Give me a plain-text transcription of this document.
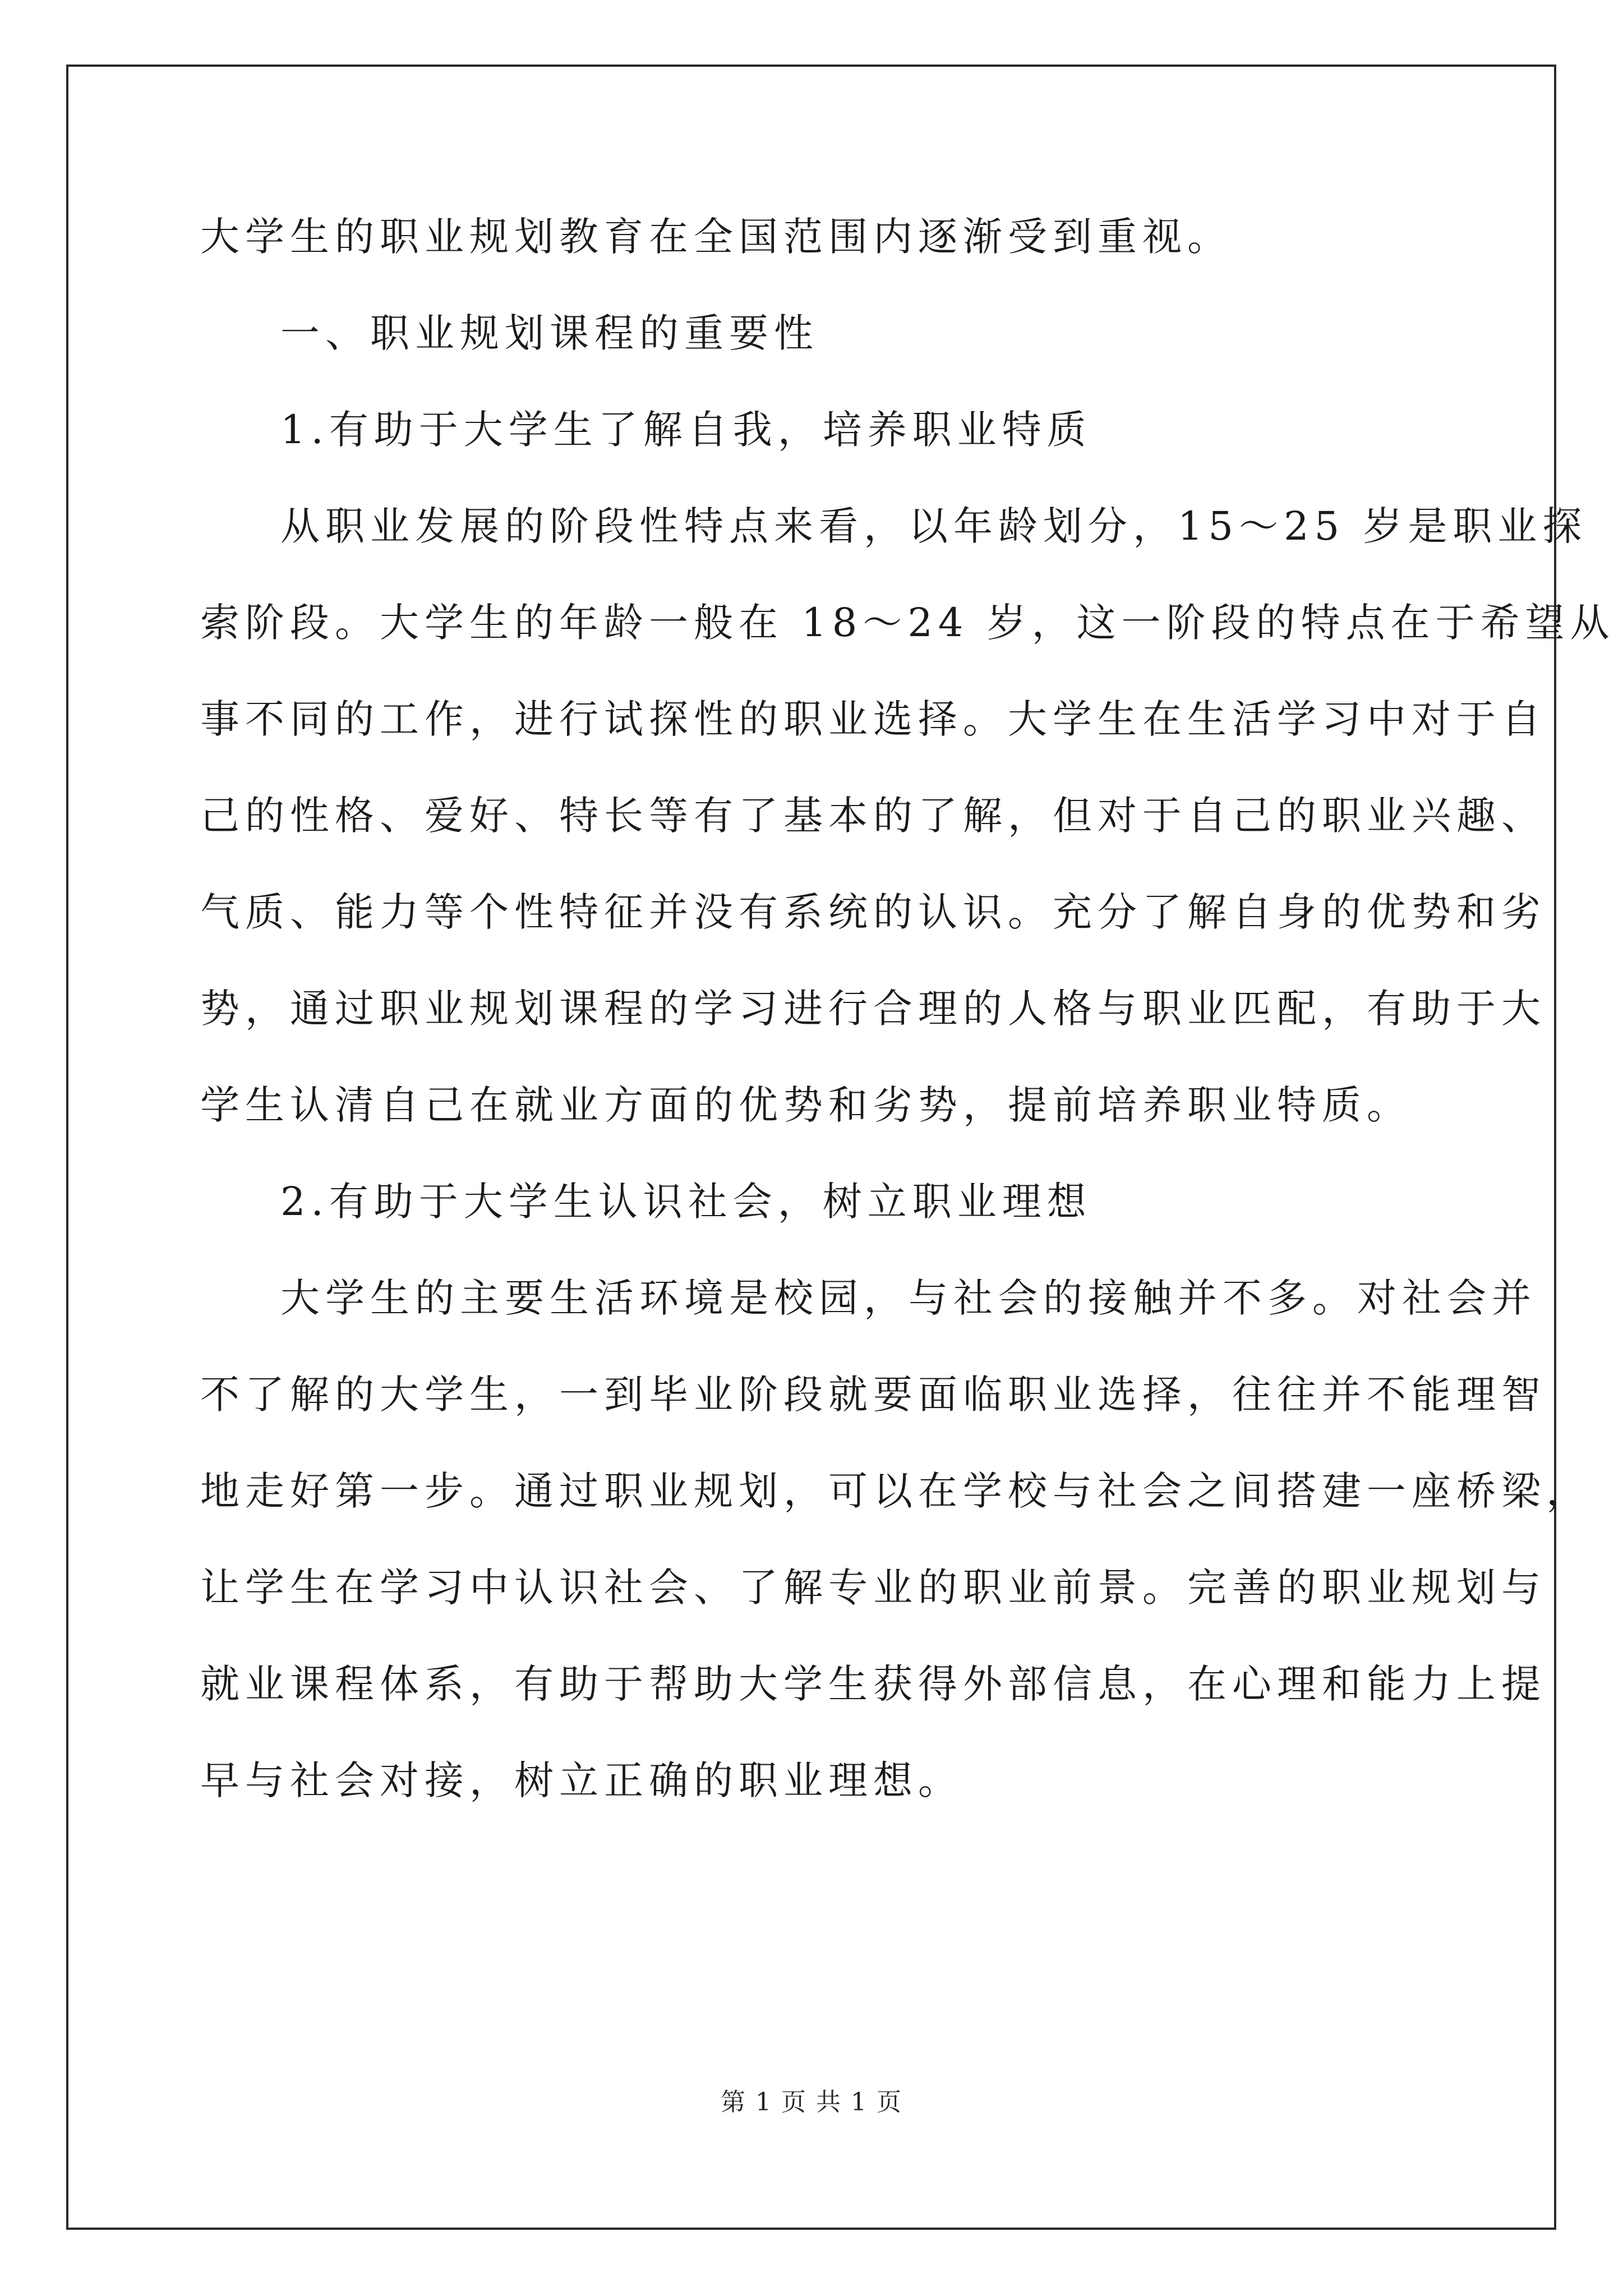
大学生的职业规划教育在全国范围内逐渐受到重视。
一、职业规划课程的重要性
1.有助于大学生了解自我，培养职业特质
从职业发展的阶段性特点来看，以年龄划分，15～25 岁是职业探
索阶段。大学生的年龄一般在 18～24 岁，这一阶段的特点在于希望从
事不同的工作，进行试探性的职业选择。大学生在生活学习中对于自
己的性格、爱好、特长等有了基本的了解，但对于自己的职业兴趣、
气质、能力等个性特征并没有系统的认识。充分了解自身的优势和劣
势，通过职业规划课程的学习进行合理的人格与职业匹配，有助于大
学生认清自己在就业方面的优势和劣势，提前培养职业特质。
2.有助于大学生认识社会，树立职业理想
大学生的主要生活环境是校园，与社会的接触并不多。对社会并
不了解的大学生，一到毕业阶段就要面临职业选择，往往并不能理智
地走好第一步。通过职业规划，可以在学校与社会之间搭建一座桥梁，
让学生在学习中认识社会、了解专业的职业前景。完善的职业规划与
就业课程体系，有助于帮助大学生获得外部信息，在心理和能力上提
早与社会对接，树立正确的职业理想。
第 1 页 共 1 页
